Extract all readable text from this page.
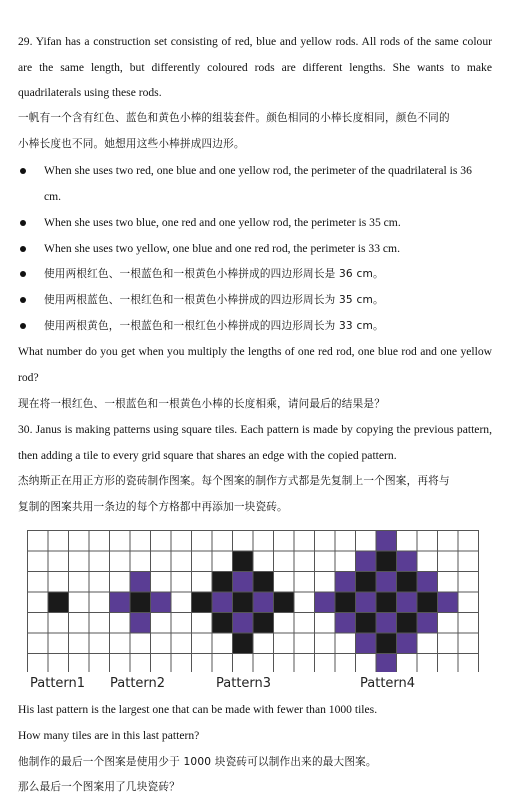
29. Yifan has a construction set consisting of red, blue and yellow rods. All rods of the same colour
are the same length, but differently coloured rods are different lengths. She wants to make
quadrilaterals using these rods.
一帆有一个含有红色、蓝色和黄色小棒的组装套件。颜色相同的小棒长度相同，颜色不同的
小棒长度也不同。她想用这些小棒拼成四边形。
When she uses two red, one blue and one yellow rod, the perimeter of the quadrilateral is 36
cm.
When she uses two blue, one red and one yellow rod, the perimeter is 35 cm.
When she uses two yellow, one blue and one red rod, the perimeter is 33 cm.
使用两根红色、一根蓝色和一根黄色小棒拼成的四边形周长是 36 cm。
使用两根蓝色、一根红色和一根黄色小棒拼成的四边形周长为 35 cm。
使用两根黄色，一根蓝色和一根红色小棒拼成的四边形周长为 33 cm。
What number do you get when you multiply the lengths of one red rod, one blue rod and one yellow
rod?
现在将一根红色、一根蓝色和一根黄色小棒的长度相乘，请问最后的结果是？
30. Janus is making patterns using square tiles. Each pattern is made by copying the previous pattern,
then adding a tile to every grid square that shares an edge with the copied pattern.
杰纳斯正在用正方形的瓷砖制作图案。每个图案的制作方式都是先复制上一个图案，再将与
复制的图案共用一条边的每个方格都中再添加一块瓷砖。
Pattern1 Pattern2	Pattern3	Pattern4
His last pattern is the largest one that can be made with fewer than 1000 tiles.
How many tiles are in this last pattern?
他制作的最后一个图案是使用少于 1000 块瓷砖可以制作出来的最大图案。
那么最后一个图案用了几块瓷砖？
